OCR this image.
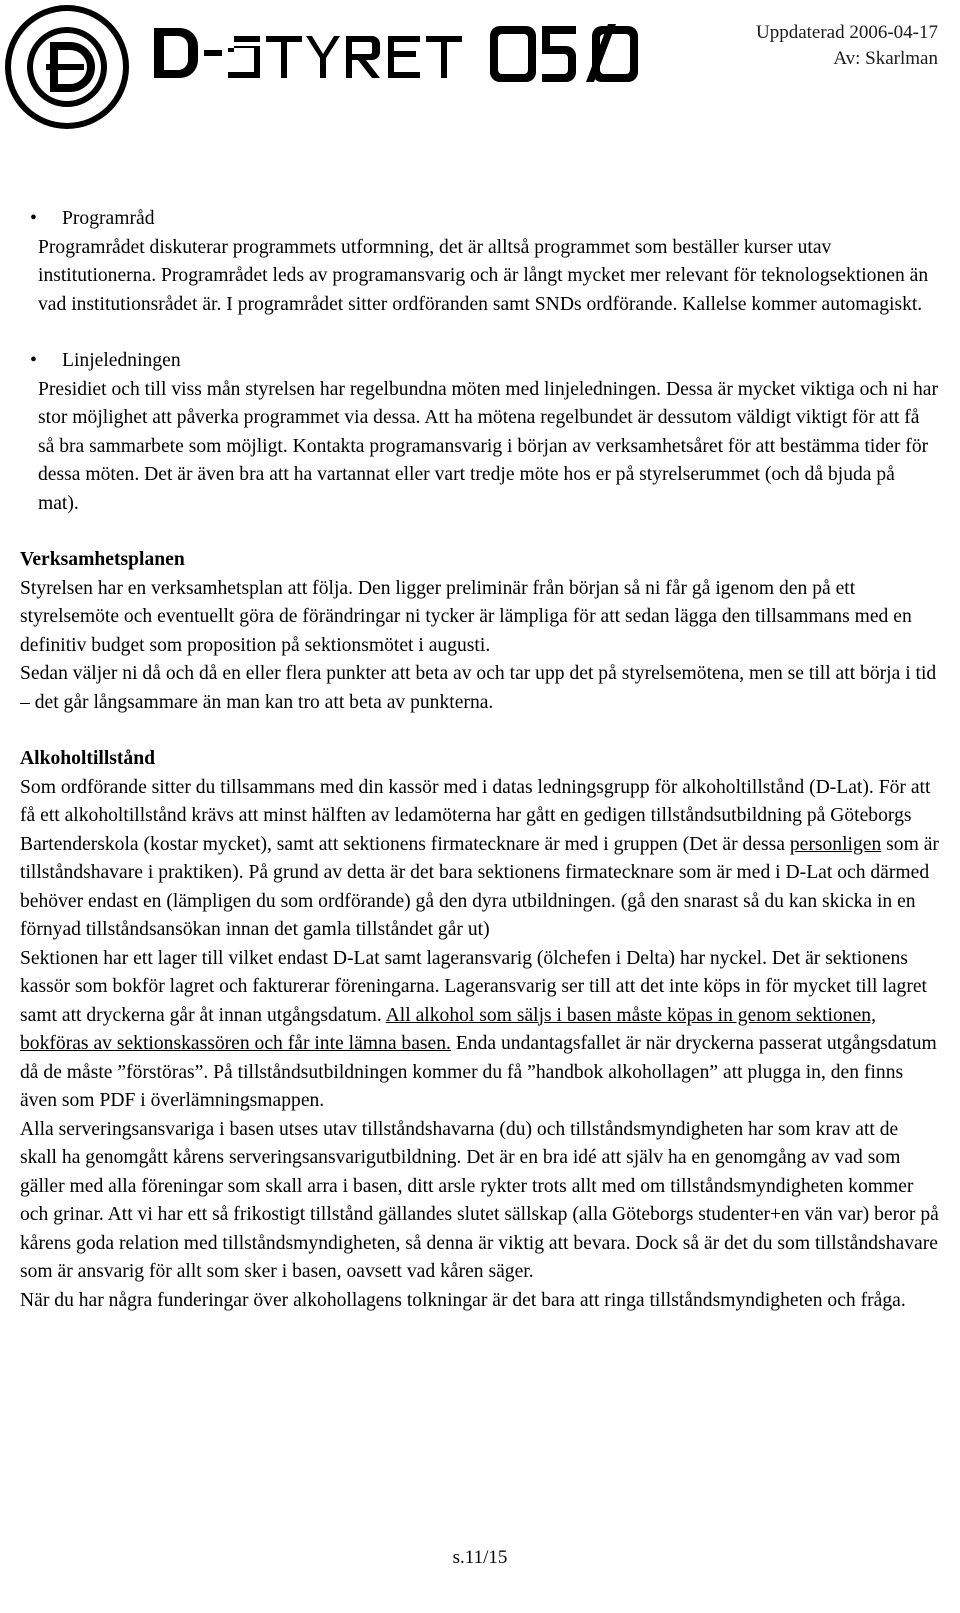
Uppdaterad 2006-04-17
Av: Skarlman
• Programråd

Programrådet diskuterar programmets utformning, det är alltså programmet som beställer kurser utav institutionerna. Programrådet leds av programansvarig och är långt mycket mer relevant för teknologsektionen än vad institutionsrådet är. I programrådet sitter ordföranden samt SNDs ordförande. Kallelse kommer automagiskt.

• Linjeledningen

Presidiet och till viss mån styrelsen har regelbundna möten med linjeledningen. Dessa är mycket viktiga och ni har stor möjlighet att påverka programmet via dessa. Att ha mötena regelbundet är dessutom väldigt viktigt för att få så bra sammarbete som möjligt. Kontakta programansvarig i början av verksamhetsåret för att bestämma tider för dessa möten. Det är även bra att ha vartannat eller vart tredje möte hos er på styrelserummet (och då bjuda på mat).

Verksamhetsplanen

Styrelsen har en verksamhetsplan att följa. Den ligger preliminär från början så ni får gå igenom den på ett styrelsemöte och eventuellt göra de förändringar ni tycker är lämpliga för att sedan lägga den tillsammans med en definitiv budget som proposition på sektionsmötet i augusti.

Sedan väljer ni då och då en eller flera punkter att beta av och tar upp det på styrelsemötena, men se till att börja i tid – det går långsammare än man kan tro att beta av punkterna.

Alkoholtillstånd

Som ordförande sitter du tillsammans med din kassör med i datas ledningsgrupp för alkoholtillstånd (D-Lat). För att få ett alkoholtillstånd krävs att minst hälften av ledamöterna har gått en gedigen tillståndsutbildning på Göteborgs Bartenderskola (kostar mycket), samt att sektionens firmatecknare är med i gruppen (Det är dessa personligen som är tillståndshavare i praktiken). På grund av detta är det bara sektionens firmatecknare som är med i D-Lat och därmed behöver endast en (lämpligen du som ordförande) gå den dyra utbildningen. (gå den snarast så du kan skicka in en förnyad tillståndsansökan innan det gamla tillståndet går ut)

Sektionen har ett lager till vilket endast D-Lat samt lageransvarig (ölchefen i Delta) har nyckel. Det är sektionens kassör som bokför lagret och fakturerar föreningarna. Lageransvarig ser till att det inte köps in för mycket till lagret samt att dryckerna går åt innan utgångsdatum. All alkohol som säljs i basen måste köpas in genom sektionen, bokföras av sektionskassören och får inte lämna basen. Enda undantagsfallet är när dryckerna passerat utgångsdatum då de måste ”förstöras”. På tillståndsutbildningen kommer du få ”handbok alkohollagen” att plugga in, den finns även som PDF i överlämningsmappen.

Alla serveringsansvariga i basen utses utav tillståndshavarna (du) och tillståndsmyndigheten har som krav att de skall ha genomgått kårens serveringsansvarigutbildning. Det är en bra idé att själv ha en genomgång av vad som gäller med alla föreningar som skall arra i basen, ditt arsle rykter trots allt med om tillståndsmyndigheten kommer och grinar. Att vi har ett så frikostigt tillstånd gällandes slutet sällskap (alla Göteborgs studenter+en vän var) beror på kårens goda relation med tillståndsmyndigheten, så denna är viktig att bevara. Dock så är det du som tillståndshavare som är ansvarig för allt som sker i basen, oavsett vad kåren säger.

När du har några funderingar över alkohollagens tolkningar är det bara att ringa tillståndsmyndigheten och fråga.

s.11/15
